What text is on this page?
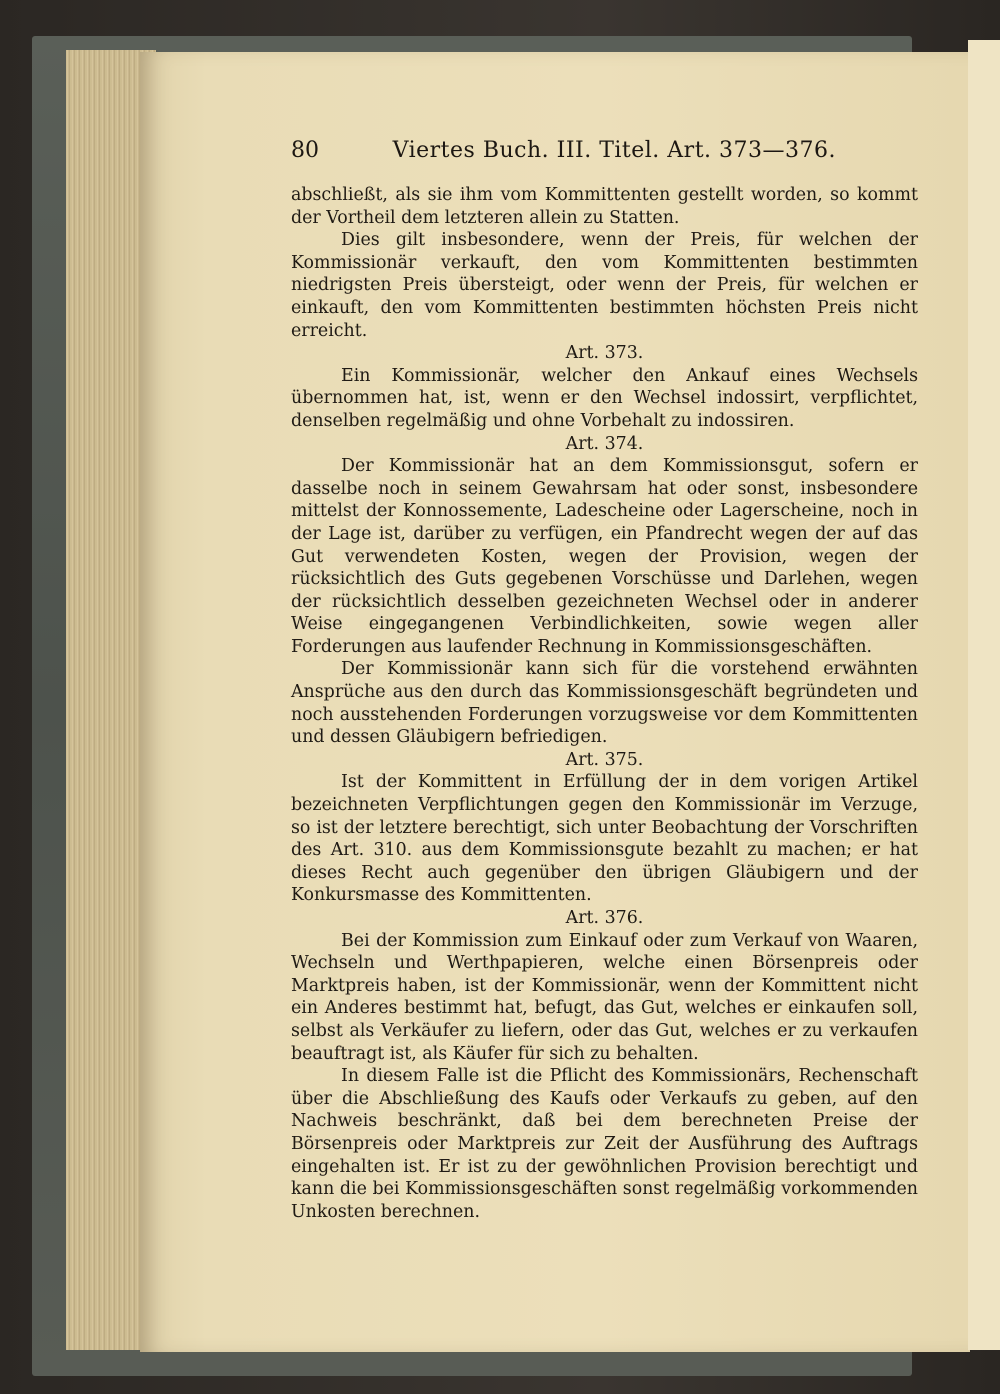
80	Viertes Buch. III. Titel. Art. 373—376.

abschließt, als sie ihm vom Kommittenten gestellt worden, so kommt der Vortheil dem letzteren allein zu Statten.

Dies gilt insbesondere, wenn der Preis, für welchen der Kommissionär verkauft, den vom Kommittenten bestimmten niedrigsten Preis übersteigt, oder wenn der Preis, für welchen er einkauft, den vom Kommittenten bestimmten höchsten Preis nicht erreicht.

Art. 373.

Ein Kommissionär, welcher den Ankauf eines Wechsels übernommen hat, ist, wenn er den Wechsel indossirt, verpflichtet, denselben regelmäßig und ohne Vorbehalt zu indossiren.

Art. 374.

Der Kommissionär hat an dem Kommissionsgut, sofern er dasselbe noch in seinem Gewahrsam hat oder sonst, insbesondere mittelst der Konnossemente, Ladescheine oder Lagerscheine, noch in der Lage ist, darüber zu verfügen, ein Pfandrecht wegen der auf das Gut verwendeten Kosten, wegen der Provision, wegen der rücksichtlich des Guts gegebenen Vorschüsse und Darlehen, wegen der rücksichtlich desselben gezeichneten Wechsel oder in anderer Weise eingegangenen Verbindlichkeiten, sowie wegen aller Forderungen aus laufender Rechnung in Kommissionsgeschäften.

Der Kommissionär kann sich für die vorstehend erwähnten Ansprüche aus den durch das Kommissionsgeschäft begründeten und noch ausstehenden Forderungen vorzugsweise vor dem Kommittenten und dessen Gläubigern befriedigen.

Art. 375.

Ist der Kommittent in Erfüllung der in dem vorigen Artikel bezeichneten Verpflichtungen gegen den Kommissionär im Verzuge, so ist der letztere berechtigt, sich unter Beobachtung der Vorschriften des Art. 310. aus dem Kommissionsgute bezahlt zu machen; er hat dieses Recht auch gegenüber den übrigen Gläubigern und der Konkursmasse des Kommittenten.

Art. 376.

Bei der Kommission zum Einkauf oder zum Verkauf von Waaren, Wechseln und Werthpapieren, welche einen Börsenpreis oder Marktpreis haben, ist der Kommissionär, wenn der Kommittent nicht ein Anderes bestimmt hat, befugt, das Gut, welches er einkaufen soll, selbst als Verkäufer zu liefern, oder das Gut, welches er zu verkaufen beauftragt ist, als Käufer für sich zu behalten.

In diesem Falle ist die Pflicht des Kommissionärs, Rechenschaft über die Abschließung des Kaufs oder Verkaufs zu geben, auf den Nachweis beschränkt, daß bei dem berechneten Preise der Börsenpreis oder Marktpreis zur Zeit der Ausführung des Auftrags eingehalten ist. Er ist zu der gewöhnlichen Provision berechtigt und kann die bei Kommissionsgeschäften sonst regelmäßig vorkommenden Unkosten berechnen.
